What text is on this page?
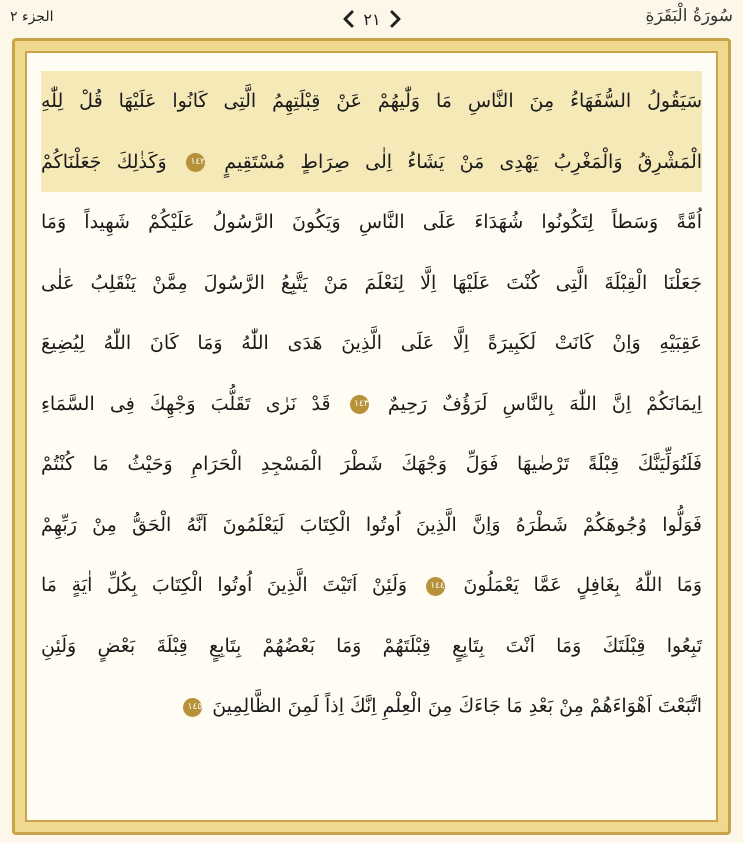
الجزء ٢	٢١	سُورَةُ الْبَقَرَةِ
سَيَقُولُ السُّفَهَاءُ مِنَ النَّاسِ مَا وَلّٰيهُمْ عَنْ قِبْلَتِهِمُ الَّتِى كَانُوا عَلَيْهَا قُلْ لِلّٰهِ
الْمَشْرِقُ وَالْمَغْرِبُ يَهْدِى مَنْ يَشَاءُ اِلٰى صِرَاطٍ مُسْتَقِيمٍ ١٤٢ وَكَذٰلِكَ جَعَلْنَاكُمْ
اُمَّةً وَسَطاً لِتَكُونُوا شُهَدَاءَ عَلَى النَّاسِ وَيَكُونَ الرَّسُولُ عَلَيْكُمْ شَهِيداً وَمَا
جَعَلْنَا الْقِبْلَةَ الَّتِى كُنْتَ عَلَيْهَا اِلَّا لِنَعْلَمَ مَنْ يَتَّبِعُ الرَّسُولَ مِمَّنْ يَنْقَلِبُ عَلٰى
عَقِبَيْهِ وَاِنْ كَانَتْ لَكَبِيرَةً اِلَّا عَلَى الَّذِينَ هَدَى اللّٰهُ وَمَا كَانَ اللّٰهُ لِيُضِيعَ
اِيمَانَكُمْ اِنَّ اللّٰهَ بِالنَّاسِ لَرَؤُفٌ رَحِيمٌ ١٤٣ قَدْ نَرٰى تَقَلُّبَ وَجْهِكَ فِى السَّمَاءِ
فَلَنُوَلِّيَنَّكَ قِبْلَةً تَرْضٰيهَا فَوَلِّ وَجْهَكَ شَطْرَ الْمَسْجِدِ الْحَرَامِ وَحَيْثُ مَا كُنْتُمْ
فَوَلُّوا وُجُوهَكُمْ شَطْرَهُ وَاِنَّ الَّذِينَ اُوتُوا الْكِتَابَ لَيَعْلَمُونَ اَنَّهُ الْحَقُّ مِنْ رَبِّهِمْ
وَمَا اللّٰهُ بِغَافِلٍ عَمَّا يَعْمَلُونَ ١٤٤ وَلَئِنْ اَتَيْتَ الَّذِينَ اُوتُوا الْكِتَابَ بِكُلِّ اٰيَةٍ مَا
تَبِعُوا قِبْلَتَكَ وَمَا اَنْتَ بِتَابِعٍ قِبْلَتَهُمْ وَمَا بَعْضُهُمْ بِتَابِعٍ قِبْلَةَ بَعْضٍ وَلَئِنِ
اتَّبَعْتَ اَهْوَاءَهُمْ مِنْ بَعْدِ مَا جَاءَكَ مِنَ الْعِلْمِ اِنَّكَ اِذاً لَمِنَ الظَّالِمِينَ ١٤٥
